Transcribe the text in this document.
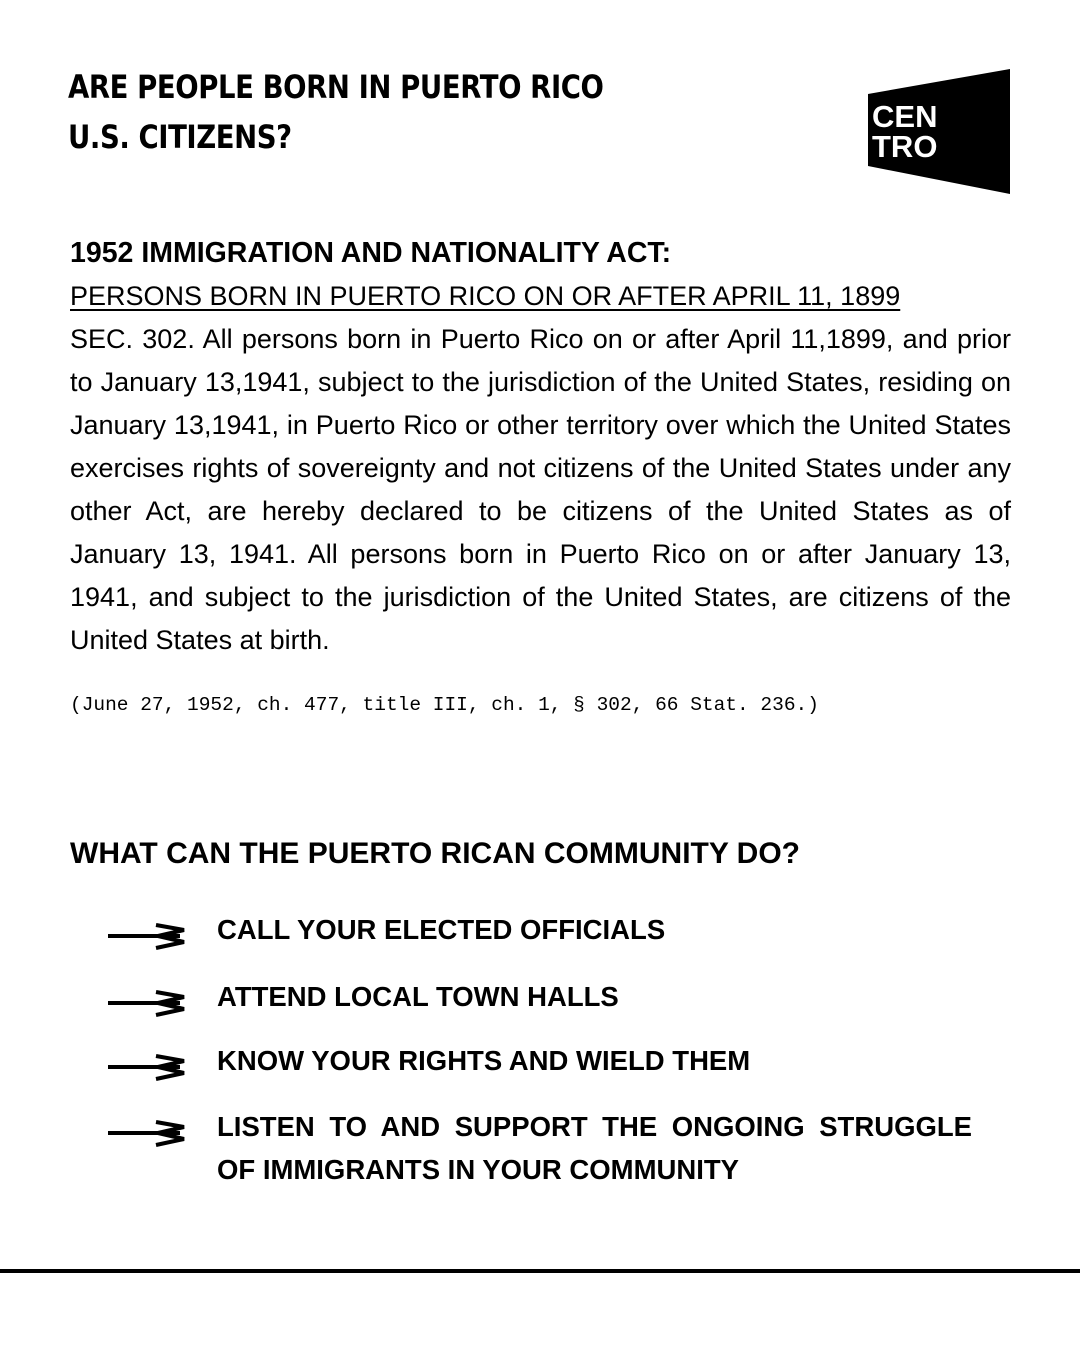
ARE PEOPLE BORN IN PUERTO RICO
U.S. CITIZENS?
CEN
TRO
1952 IMMIGRATION AND NATIONALITY ACT:
PERSONS BORN IN PUERTO RICO ON OR AFTER APRIL 11, 1899

SEC. 302. All persons born in Puerto Rico on or after April 11,1899, and prior to January 13,1941, subject to the jurisdiction of the United States, residing on January 13,1941, in Puerto Rico or other territory over which the United States exercises rights of sovereignty and not citizens of the United States under any other Act, are hereby declared to be citizens of the United States as of January 13, 1941. All persons born in Puerto Rico on or after January 13, 1941, and subject to the jurisdiction of the United States, are citizens of the United States at birth.

(June 27, 1952, ch. 477, title III, ch. 1, § 302, 66 Stat. 236.)
WHAT CAN THE PUERTO RICAN COMMUNITY DO?
CALL YOUR ELECTED OFFICIALS
ATTEND LOCAL TOWN HALLS
KNOW YOUR RIGHTS AND WIELD THEM
LISTEN TO AND SUPPORT THE ONGOING STRUGGLE OF IMMIGRANTS IN YOUR COMMUNITY
